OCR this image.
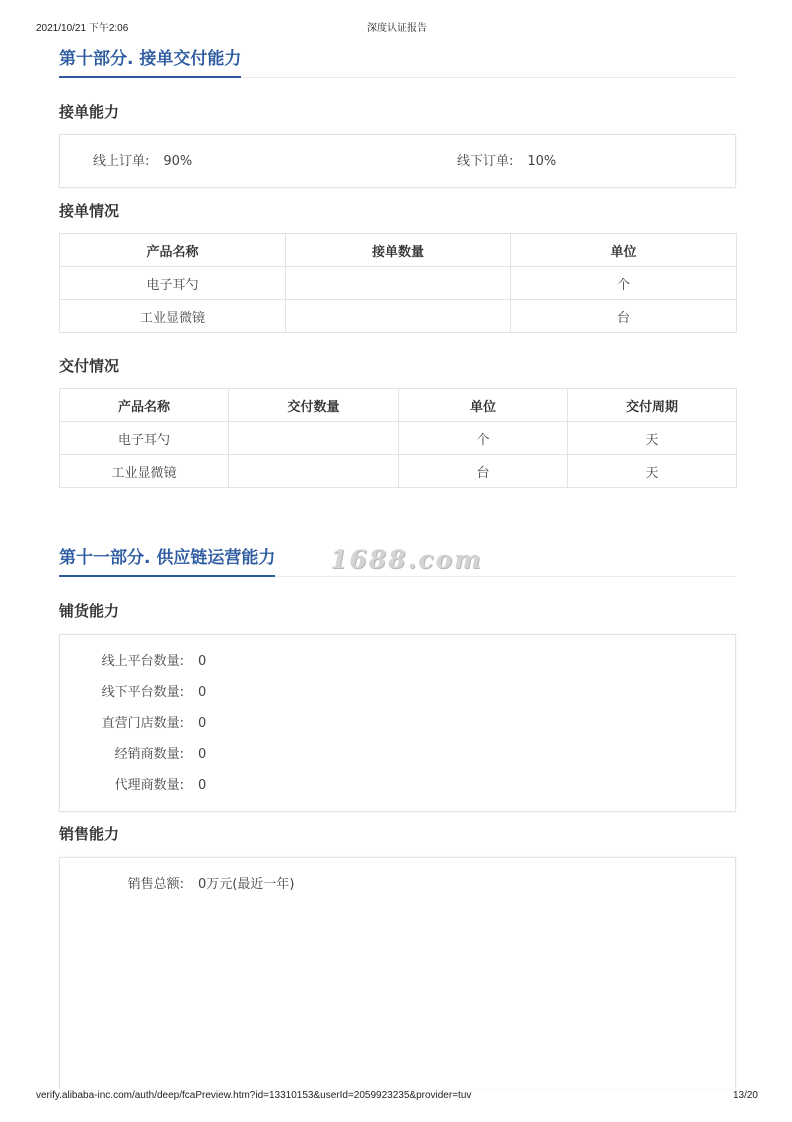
2021/10/21 下午2:06	深度认证报告
第十部分. 接单交付能力
接单能力
线上订单: 90%	线下订单: 10%
接单情况
产品名称	接单数量	单位
电子耳勺		个
工业显微镜		台
交付情况
产品名称	交付数量	单位	交付周期
电子耳勺		个	天
工业显微镜		台	天
第十一部分. 供应链运营能力 1688.com
铺货能力
线上平台数量: 0
线下平台数量: 0
直营门店数量: 0
经销商数量: 0
代理商数量: 0
销售能力
销售总额: 0万元(最近一年)
verify.alibaba-inc.com/auth/deep/fcaPreview.htm?id=13310153&userId=2059923235&provider=tuv	13/20
